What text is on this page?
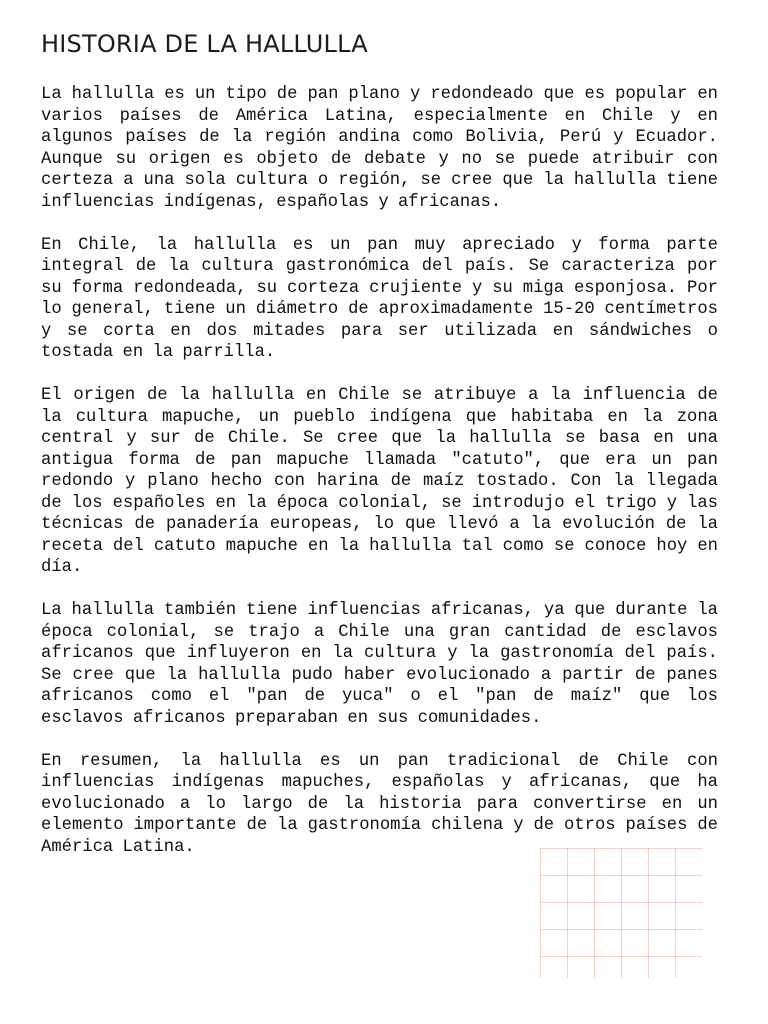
HISTORIA DE LA HALLULLA

La hallulla es un tipo de pan plano y redondeado que es popular en varios países de América Latina, especialmente en Chile y en algunos países de la región andina como Bolivia, Perú y Ecuador. Aunque su origen es objeto de debate y no se puede atribuir con certeza a una sola cultura o región, se cree que la hallulla tiene influencias indígenas, españolas y africanas.

En Chile, la hallulla es un pan muy apreciado y forma parte integral de la cultura gastronómica del país. Se caracteriza por su forma redondeada, su corteza crujiente y su miga esponjosa. Por lo general, tiene un diámetro de aproximadamente 15-20 centímetros y se corta en dos mitades para ser utilizada en sándwiches o tostada en la parrilla.

El origen de la hallulla en Chile se atribuye a la influencia de la cultura mapuche, un pueblo indígena que habitaba en la zona central y sur de Chile. Se cree que la hallulla se basa en una antigua forma de pan mapuche llamada "catuto", que era un pan redondo y plano hecho con harina de maíz tostado. Con la llegada de los españoles en la época colonial, se introdujo el trigo y las técnicas de panadería europeas, lo que llevó a la evolución de la receta del catuto mapuche en la hallulla tal como se conoce hoy en día.

La hallulla también tiene influencias africanas, ya que durante la época colonial, se trajo a Chile una gran cantidad de esclavos africanos que influyeron en la cultura y la gastronomía del país. Se cree que la hallulla pudo haber evolucionado a partir de panes africanos como el "pan de yuca" o el "pan de maíz" que los esclavos africanos preparaban en sus comunidades.

En resumen, la hallulla es un pan tradicional de Chile con influencias indígenas mapuches, españolas y africanas, que ha evolucionado a lo largo de la historia para convertirse en un elemento importante de la gastronomía chilena y de otros países de América Latina.
